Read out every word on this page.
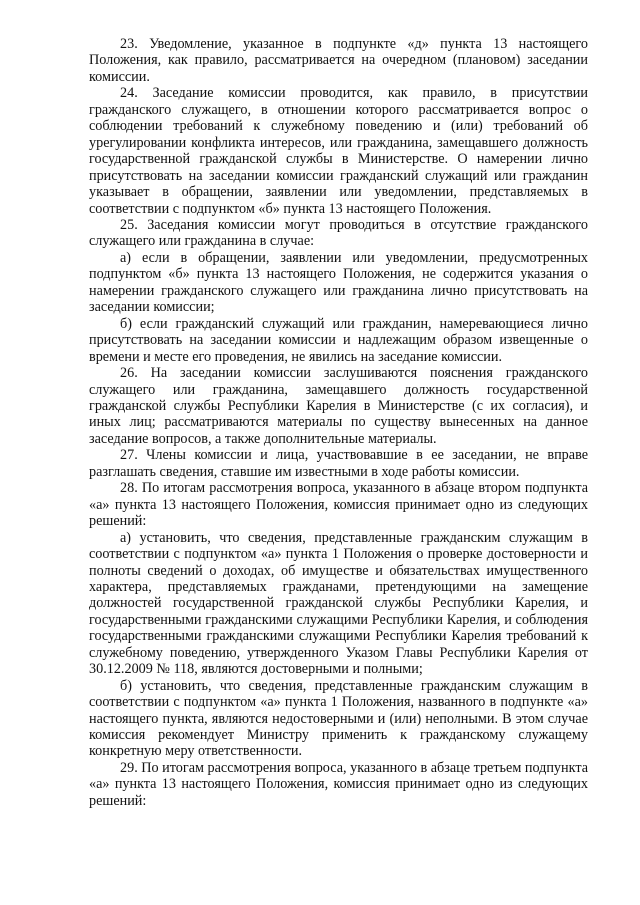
23. Уведомление, указанное в подпункте «д» пункта 13 настоящего Положения, как правило, рассматривается на очередном (плановом) заседании комиссии.

24. Заседание комиссии проводится, как правило, в присутствии гражданского служащего, в отношении которого рассматривается вопрос о соблюдении требований к служебному поведению и (или) требований об урегулировании конфликта интересов, или гражданина, замещавшего должность государственной гражданской службы в Министерстве. О намерении лично присутствовать на заседании комиссии гражданский служащий или гражданин указывает в обращении, заявлении или уведомлении, представляемых в соответствии с подпунктом «б» пункта 13 настоящего Положения.

25. Заседания комиссии могут проводиться в отсутствие гражданского служащего или гражданина в случае:

а) если в обращении, заявлении или уведомлении, предусмотренных подпунктом «б» пункта 13 настоящего Положения, не содержится указания о намерении гражданского служащего или гражданина лично присутствовать на заседании комиссии;

б) если гражданский служащий или гражданин, намеревающиеся лично присутствовать на заседании комиссии и надлежащим образом извещенные о времени и месте его проведения, не явились на заседание комиссии.

26. На заседании комиссии заслушиваются пояснения гражданского служащего или гражданина, замещавшего должность государственной гражданской службы Республики Карелия в Министерстве (с их согласия), и иных лиц; рассматриваются материалы по существу вынесенных на данное заседание вопросов, а также дополнительные материалы.

27. Члены комиссии и лица, участвовавшие в ее заседании, не вправе разглашать сведения, ставшие им известными в ходе работы комиссии.

28. По итогам рассмотрения вопроса, указанного в абзаце втором подпункта «а» пункта 13 настоящего Положения, комиссия принимает одно из следующих решений:

а) установить, что сведения, представленные гражданским служащим в соответствии с подпунктом «а» пункта 1 Положения о проверке достоверности и полноты сведений о доходах, об имуществе и обязательствах имущественного характера, представляемых гражданами, претендующими на замещение должностей государственной гражданской службы Республики Карелия, и государственными гражданскими служащими Республики Карелия, и соблюдения государственными гражданскими служащими Республики Карелия требований к служебному поведению, утвержденного Указом Главы Республики Карелия от 30.12.2009 № 118, являются достоверными и полными;

б) установить, что сведения, представленные гражданским служащим в соответствии с подпунктом «а» пункта 1 Положения, названного в подпункте «а» настоящего пункта, являются недостоверными и (или) неполными. В этом случае комиссия рекомендует Министру применить к гражданскому служащему конкретную меру ответственности.

29. По итогам рассмотрения вопроса, указанного в абзаце третьем подпункта «а» пункта 13 настоящего Положения, комиссия принимает одно из следующих решений:
